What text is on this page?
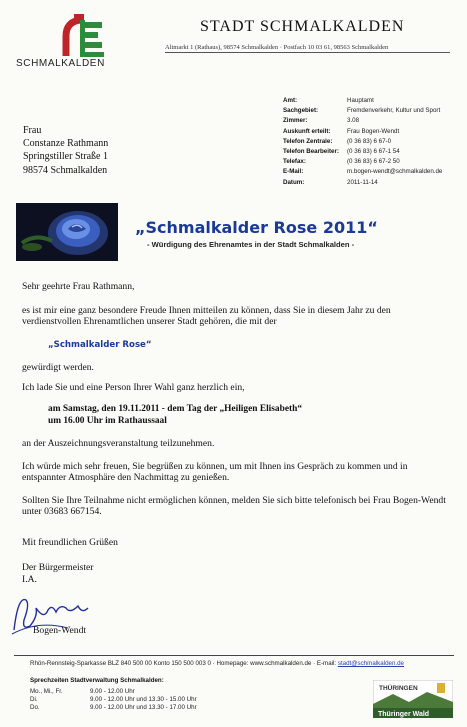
SCHMALKALDEN
STADT SCHMALKALDEN
Altmarkt 1 (Rathaus), 98574 Schmalkalden · Postfach 10 03 61, 98563 Schmalkalden
Amt:	Hauptamt
Sachgebiet:	Fremdenverkehr, Kultur und Sport
Zimmer:	3.08
Auskunft erteilt:	Frau Bogen-Wendt
Telefon Zentrale:	(0 36 83) 6 67-0
Telefon Bearbeiter:	(0 36 83) 6 67-1 54
Telefax:	(0 36 83) 6 67-2 50
E-Mail:	m.bogen-wendt@schmalkalden.de
Datum:	2011-11-14
Frau
Constanze Rathmann
Springstiller Straße 1
98574 Schmalkalden
„Schmalkalder Rose 2011“
- Würdigung des Ehrenamtes in der Stadt Schmalkalden -
Sehr geehrte Frau Rathmann,
es ist mir eine ganz besondere Freude Ihnen mitteilen zu können, dass Sie in diesem Jahr zu den verdienstvollen Ehrenamtlichen unserer Stadt gehören, die mit der
„Schmalkalder Rose“
gewürdigt werden.
Ich lade Sie und eine Person Ihrer Wahl ganz herzlich ein,
am Samstag, den 19.11.2011 - dem Tag der „Heiligen Elisabeth“
um 16.00 Uhr im Rathaussaal
an der Auszeichnungsveranstaltung teilzunehmen.
Ich würde mich sehr freuen, Sie begrüßen zu können, um mit Ihnen ins Gespräch zu kommen und in entspannter Atmosphäre den Nachmittag zu genießen.
Sollten Sie Ihre Teilnahme nicht ermöglichen können, melden Sie sich bitte telefonisch bei Frau Bogen-Wendt unter 03683 667154.
Mit freundlichen Grüßen
Der Bürgermeister
I.A.
Bogen-Wendt
Rhön-Rennsteig-Sparkasse BLZ 840 500 00 Konto 150 500 003 0 · Homepage: www.schmalkalden.de · E-mail: stadt@schmalkalden.de
Sprechzeiten Stadtverwaltung Schmalkalden:
Mo., Mi., Fr.	9.00 - 12.00 Uhr
Di.	9.00 - 12.00 Uhr und 13.30 - 15.00 Uhr
Do.	9.00 - 12.00 Uhr und 13.30 - 17.00 Uhr
THÜRINGEN
Thüringer Wald
